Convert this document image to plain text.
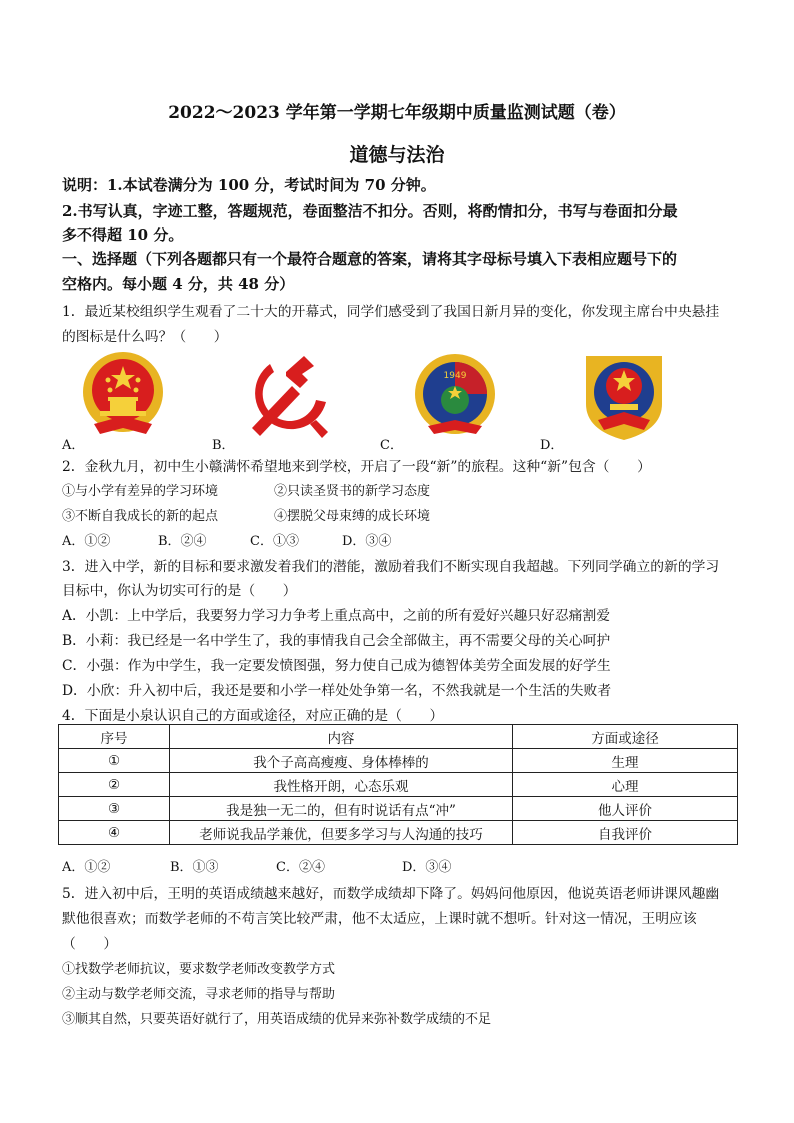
2022～2023 学年第一学期七年级期中质量监测试题（卷）
道德与法治
说明：1.本试卷满分为 100 分，考试时间为 70 分钟。
2.书写认真，字迹工整，答题规范，卷面整洁不扣分。否则，将酌情扣分，书写与卷面扣分最
多不得超 10 分。
一、选择题（下列各题都只有一个最符合题意的答案，请将其字母标号填入下表相应题号下的
空格内。每小题 4 分，共 48 分）
1．最近某校组织学生观看了二十大的开幕式，同学们感受到了我国日新月异的变化，你发现主席台中央悬挂
的图标是什么吗？（　　）
A．	B．	C．
1949
D．
2．金秋九月，初中生小赣满怀希望地来到学校，开启了一段“新”的旅程。这种“新”包含（　　）
①与小学有差异的学习环境	②只读圣贤书的新学习态度
③不断自我成长的新的起点	④摆脱父母束缚的成长环境
A．①②	B．②④	C．①③	D．③④
3．进入中学，新的目标和要求激发着我们的潜能，激励着我们不断实现自我超越。下列同学确立的新的学习
目标中，你认为切实可行的是（　　）
A．小凯：上中学后，我要努力学习力争考上重点高中，之前的所有爱好兴趣只好忍痛割爱
B．小莉：我已经是一名中学生了，我的事情我自己会全部做主，再不需要父母的关心呵护
C．小强：作为中学生，我一定要发愤图强，努力使自己成为德智体美劳全面发展的好学生
D．小欣：升入初中后，我还是要和小学一样处处争第一名，不然我就是一个生活的失败者
4．下面是小泉认识自己的方面或途径，对应正确的是（　　）
序号	内容	方面或途径
①	我个子高高瘦瘦、身体棒棒的	生理
②	我性格开朗，心态乐观	心理
③	我是独一无二的，但有时说话有点“冲”	他人评价
④	老师说我品学兼优，但要多学习与人沟通的技巧	自我评价
A．①②	B．①③	C．②④	D．③④
5．进入初中后，王明的英语成绩越来越好，而数学成绩却下降了。妈妈问他原因，他说英语老师讲课风趣幽
默他很喜欢；而数学老师的不苟言笑比较严肃，他不太适应，上课时就不想听。针对这一情况，王明应该
（　　）
①找数学老师抗议，要求数学老师改变教学方式
②主动与数学老师交流，寻求老师的指导与帮助
③顺其自然，只要英语好就行了，用英语成绩的优异来弥补数学成绩的不足
